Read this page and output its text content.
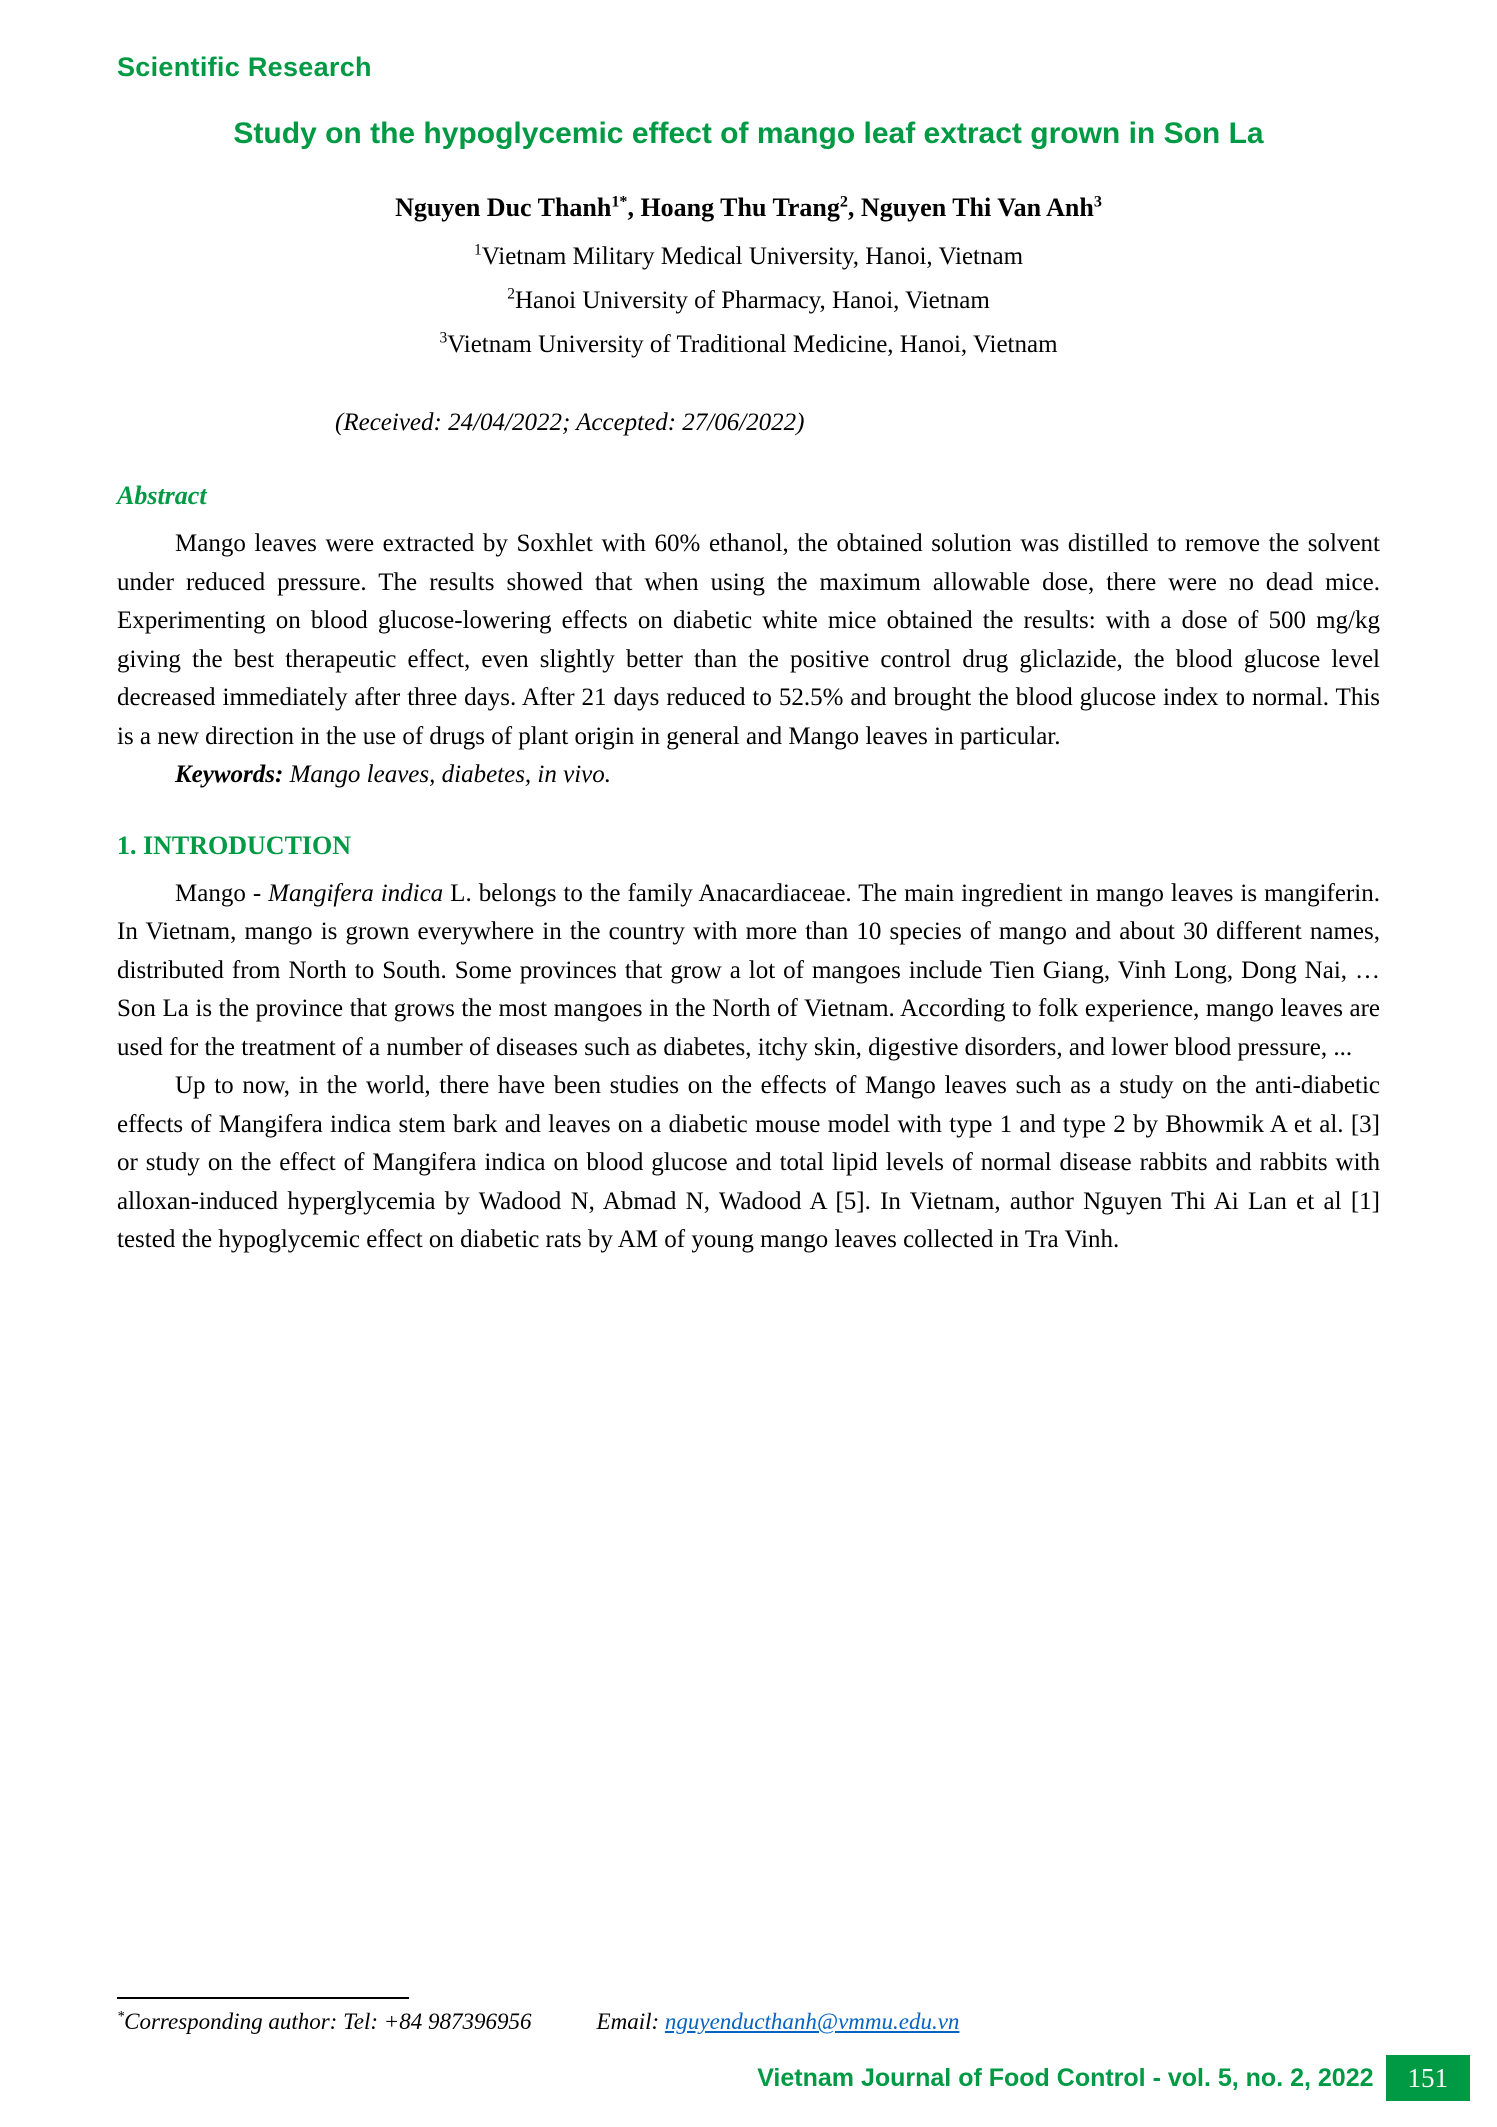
Scientific Research
Study on the hypoglycemic effect of mango leaf extract grown in Son La
Nguyen Duc Thanh$^{1*}$, Hoang Thu Trang$^2$, Nguyen Thi Van Anh$^3$
$^1$Vietnam Military Medical University, Hanoi, Vietnam
$^2$Hanoi University of Pharmacy, Hanoi, Vietnam
$^3$Vietnam University of Traditional Medicine, Hanoi, Vietnam
(Received: 24/04/2022; Accepted: 27/06/2022)
Abstract

Mango leaves were extracted by Soxhlet with 60% ethanol, the obtained solution was distilled to remove the solvent under reduced pressure. The results showed that when using the maximum allowable dose, there were no dead mice. Experimenting on blood glucose-lowering effects on diabetic white mice obtained the results: with a dose of 500 mg/kg giving the best therapeutic effect, even slightly better than the positive control drug gliclazide, the blood glucose level decreased immediately after three days. After 21 days reduced to 52.5% and brought the blood glucose index to normal. This is a new direction in the use of drugs of plant origin in general and Mango leaves in particular.

Keywords: Mango leaves, diabetes, in vivo.

1. INTRODUCTION

Mango - Mangifera indica L. belongs to the family Anacardiaceae. The main ingredient in mango leaves is mangiferin. In Vietnam, mango is grown everywhere in the country with more than 10 species of mango and about 30 different names, distributed from North to South. Some provinces that grow a lot of mangoes include Tien Giang, Vinh Long, Dong Nai, … Son La is the province that grows the most mangoes in the North of Vietnam. According to folk experience, mango leaves are used for the treatment of a number of diseases such as diabetes, itchy skin, digestive disorders, and lower blood pressure, ...

Up to now, in the world, there have been studies on the effects of Mango leaves such as a study on the anti-diabetic effects of Mangifera indica stem bark and leaves on a diabetic mouse model with type 1 and type 2 by Bhowmik A et al. [3] or study on the effect of Mangifera indica on blood glucose and total lipid levels of normal disease rabbits and rabbits with alloxan-induced hyperglycemia by Wadood N, Abmad N, Wadood A [5]. In Vietnam, author Nguyen Thi Ai Lan et al [1] tested the hypoglycemic effect on diabetic rats by AM of young mango leaves collected in Tra Vinh.

*Corresponding author: Tel: +84 987396956	Email: nguyenducthanh@vmmu.edu.vn
Vietnam Journal of Food Control - vol. 5, no. 2, 2022	151
